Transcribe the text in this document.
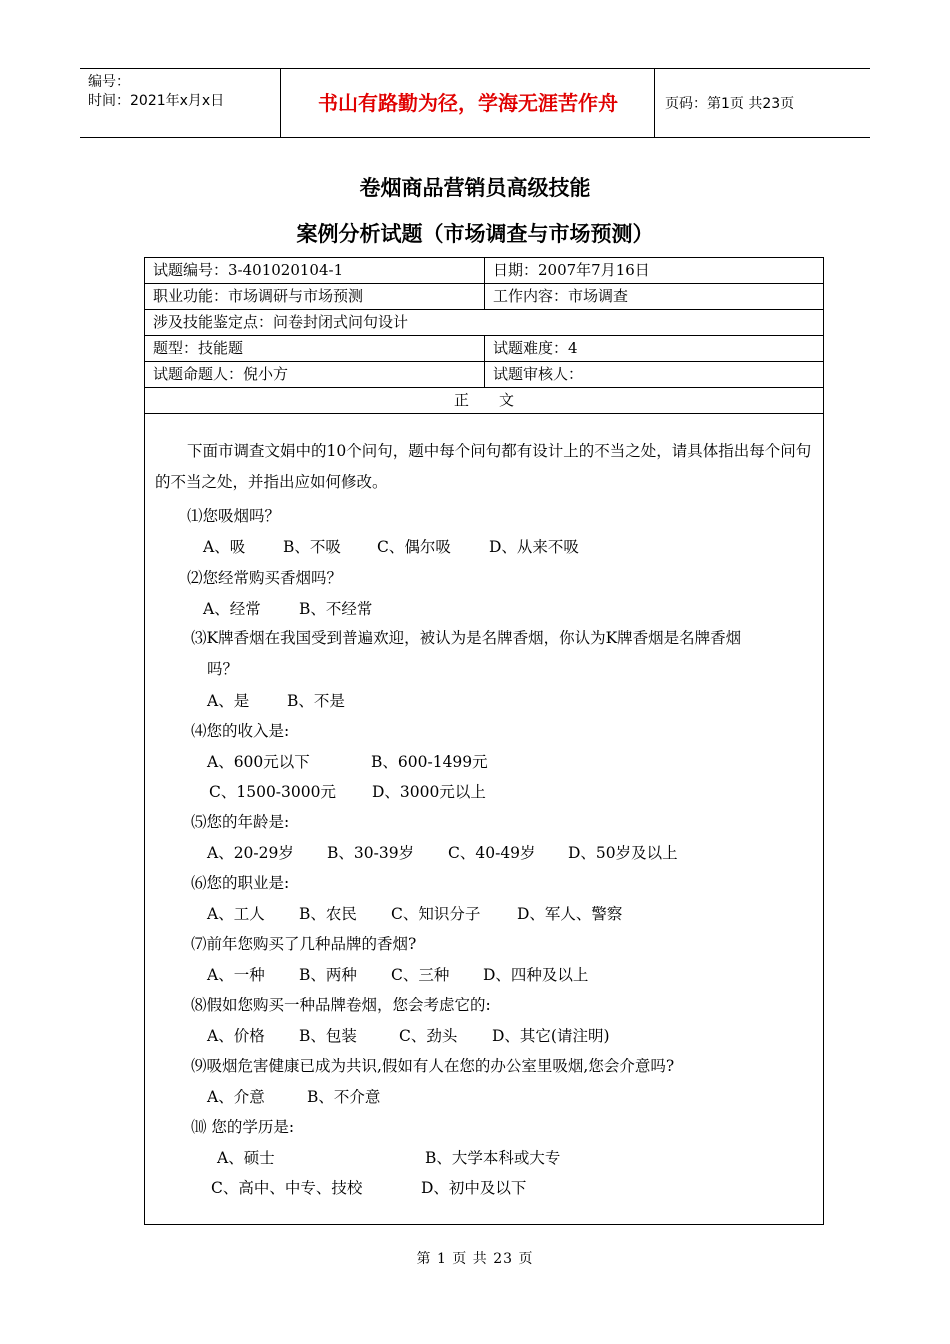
编号：
时间：2021年x月x日	书山有路勤为径，学海无涯苦作舟	页码：第1页 共23页
卷烟商品营销员高级技能
案例分析试题（市场调查与市场预测）
试题编号：3-401020104-1	日期：2007年7月16日
职业功能：市场调研与市场预测	工作内容：市场调查
涉及技能鉴定点：问卷封闭式问句设计
题型：技能题	试题难度：4
试题命题人：倪小方	试题审核人：
正　　文
下面市调查文娟中的10个问句，题中每个问句都有设计上的不当之处，请具体指出每个问句的不当之处，并指出应如何修改。
⑴您吸烟吗？
A、吸 B、不吸 C、偶尔吸 D、从来不吸
⑵您经常购买香烟吗？
A、经常 B、不经常
⑶K牌香烟在我国受到普遍欢迎，被认为是名牌香烟，你认为K牌香烟是名牌香烟
吗？
A、是 B、不是
⑷您的收入是:
A、600元以下	B、600-1499元
C、1500-3000元 D、3000元以上
⑸您的年龄是:
A、20-29岁 B、30-39岁 C、40-49岁 D、50岁及以上
⑹您的职业是:
A、工人 B、农民 C、知识分子 D、军人、警察
⑺前年您购买了几种品牌的香烟?
A、一种 B、两种 C、三种 D、四种及以上
⑻假如您购买一种品牌卷烟，您会考虑它的:
A、价格 B、包装	C、劲头 D、其它(请注明)
⑼吸烟危害健康已成为共识,假如有人在您的办公室里吸烟,您会介意吗?
A、介意	B、不介意
⑽ 您的学历是:
A、硕士	B、大学本科或大专
C、高中、中专、技校	D、初中及以下
第 1 页 共 23 页
